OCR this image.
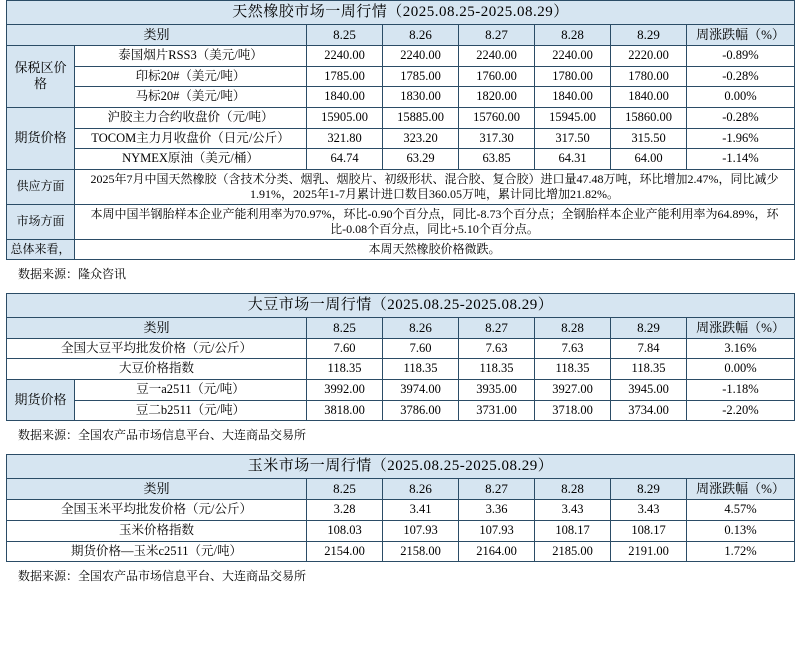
天然橡胶市场一周行情（2025.08.25-2025.08.29）							
类别		8.25	8.26	8.27	8.28	8.29	周涨跌幅（%）
保税区价格	泰国烟片RSS3（美元/吨）	2240.00	2240.00	2240.00	2240.00	2220.00	-0.89%
	印标20#（美元/吨）	1785.00	1785.00	1760.00	1780.00	1780.00	-0.28%
	马标20#（美元/吨）	1840.00	1830.00	1820.00	1840.00	1840.00	0.00%
期货价格	沪胶主力合约收盘价（元/吨）	15905.00	15885.00	15760.00	15945.00	15860.00	-0.28%
	TOCOM主力月收盘价（日元/公斤）	321.80	323.20	317.30	317.50	315.50	-1.96%
	NYMEX原油（美元/桶）	64.74	63.29	63.85	64.31	64.00	-1.14%
供应方面	2025年7月中国天然橡胶（含技术分类、烟乳、烟胶片、初级形状、混合胶、复合胶）进口量47.48万吨，环比增加2.47%，同比减少1.91%，2025年1-7月累计进口数目360.05万吨，累计同比增加21.82%。						
市场方面	本周中国半钢胎样本企业产能利用率为70.97%，环比-0.90个百分点，同比-8.73个百分点；全钢胎样本企业产能利用率为64.89%，环比-0.08个百分点，同比+5.10个百分点。						
总体来看，	本周天然橡胶价格微跌。						
数据来源：隆众咨讯
大豆市场一周行情（2025.08.25-2025.08.29）							
类别		8.25	8.26	8.27	8.28	8.29	周涨跌幅（%）
全国大豆平均批发价格（元/公斤）		7.60	7.60	7.63	7.63	7.84	3.16%
大豆价格指数		118.35	118.35	118.35	118.35	118.35	0.00%
期货价格	豆一a2511（元/吨）	3992.00	3974.00	3935.00	3927.00	3945.00	-1.18%
	豆二b2511（元/吨）	3818.00	3786.00	3731.00	3718.00	3734.00	-2.20%
数据来源：全国农产品市场信息平台、大连商品交易所
玉米市场一周行情（2025.08.25-2025.08.29）						
类别	8.25	8.26	8.27	8.28	8.29	周涨跌幅（%）
全国玉米平均批发价格（元/公斤）	3.28	3.41	3.36	3.43	3.43	4.57%
玉米价格指数	108.03	107.93	107.93	108.17	108.17	0.13%
期货价格—玉米c2511（元/吨）	2154.00	2158.00	2164.00	2185.00	2191.00	1.72%
数据来源：全国农产品市场信息平台、大连商品交易所
